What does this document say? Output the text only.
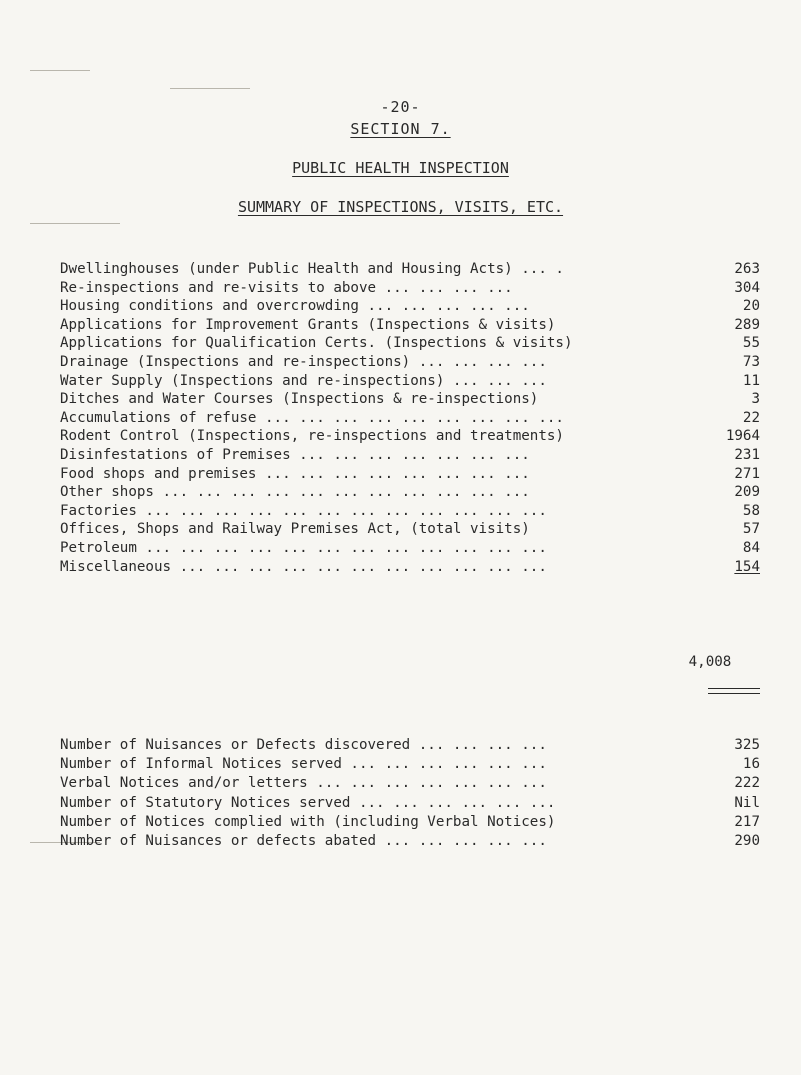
-20-
SECTION 7.
PUBLIC HEALTH INSPECTION
SUMMARY OF INSPECTIONS, VISITS, ETC.
Dwellinghouses (under Public Health and Housing Acts) ... .	263
Re-inspections and re-visits to above ... ... ... ...	304
Housing conditions and overcrowding ... ... ... ... ...	20
Applications for Improvement Grants (Inspections & visits)	289
Applications for Qualification Certs. (Inspections & visits)	55
Drainage (Inspections and re-inspections) ... ... ... ...	73
Water Supply (Inspections and re-inspections) ... ... ...	11
Ditches and Water Courses (Inspections & re-inspections)	3
Accumulations of refuse ... ... ... ... ... ... ... ... ...	22
Rodent Control (Inspections, re-inspections and treatments)	1964
Disinfestations of Premises ... ... ... ... ... ... ...	231
Food shops and premises ... ... ... ... ... ... ... ...	271
Other shops ... ... ... ... ... ... ... ... ... ... ...	209
Factories ... ... ... ... ... ... ... ... ... ... ... ...	58
Offices, Shops and Railway Premises Act, (total visits)	57
Petroleum ... ... ... ... ... ... ... ... ... ... ... ...	84
Miscellaneous ... ... ... ... ... ... ... ... ... ... ...	154
4,008
Number of Nuisances or Defects discovered ... ... ... ...	325
Number of Informal Notices served ... ... ... ... ... ...	16
Verbal Notices and/or letters ... ... ... ... ... ... ...	222
Number of Statutory Notices served ... ... ... ... ... ...	Nil
Number of Notices complied with (including Verbal Notices)	217
Number of Nuisances or defects abated ... ... ... ... ...	290
